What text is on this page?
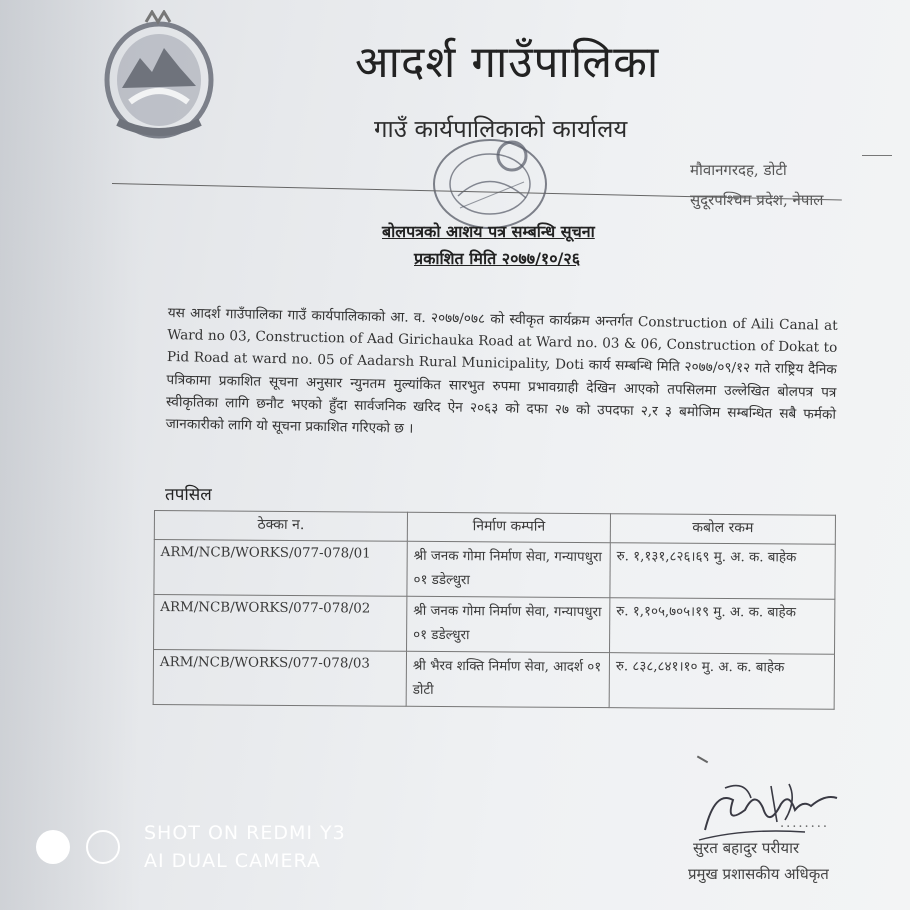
आदर्श गाउँपालिका
गाउँ कार्यपालिकाको कार्यालय
मौवानगरदह, डोटी
सुदूरपश्चिम प्रदेश, नेपाल
बोलपत्रको आशय पत्र सम्बन्धि सूचना
प्रकाशित मिति २०७७/१०/२६

यस आदर्श गाउँपालिका गाउँ कार्यपालिकाको आ. व. २०७७/०७८ को स्वीकृत कार्यक्रम अन्तर्गत Construction of Aili Canal at Ward no 03, Construction of Aad Girichauka Road at Ward no. 03 & 06, Construction of Dokat to Pid Road at ward no. 05 of Aadarsh Rural Municipality, Doti कार्य सम्बन्धि मिति २०७७/०९/१२ गते राष्ट्रिय दैनिक पत्रिकामा प्रकाशित सूचना अनुसार न्युनतम मुल्यांकित सारभुत रुपमा प्रभावग्राही देखिन आएको तपसिलमा उल्लेखित बोलपत्र पत्र स्वीकृतिका लागि छनौट भएको हुँदा सार्वजनिक खरिद ऐन २०६३ को दफा २७ को उपदफा २,र ३ बमोजिम सम्बन्धित सबै फर्मको जानकारीको लागि यो सूचना प्रकाशित गरिएको छ ।

तपसिल
ठेक्का न.	निर्माण कम्पनि	कबोल रकम
ARM/NCB/WORKS/077-078/01	श्री जनक गोमा निर्माण सेवा, गन्यापधुरा ०१ डडेल्धुरा	रु. १,१३१,८२६।६९ मु. अ. क. बाहेक
ARM/NCB/WORKS/077-078/02	श्री जनक गोमा निर्माण सेवा, गन्यापधुरा ०१ डडेल्धुरा	रु. १,१०५,७०५।१९ मु. अ. क. बाहेक
ARM/NCB/WORKS/077-078/03	श्री भैरव शक्ति निर्माण सेवा, आदर्श ०१ डोटी	रु. ८३८,८४१।१० मु. अ. क. बाहेक
........
सुरत बहादुर परीयार
प्रमुख प्रशासकीय अधिकृत
SHOT ON REDMI Y3
AI DUAL CAMERA
